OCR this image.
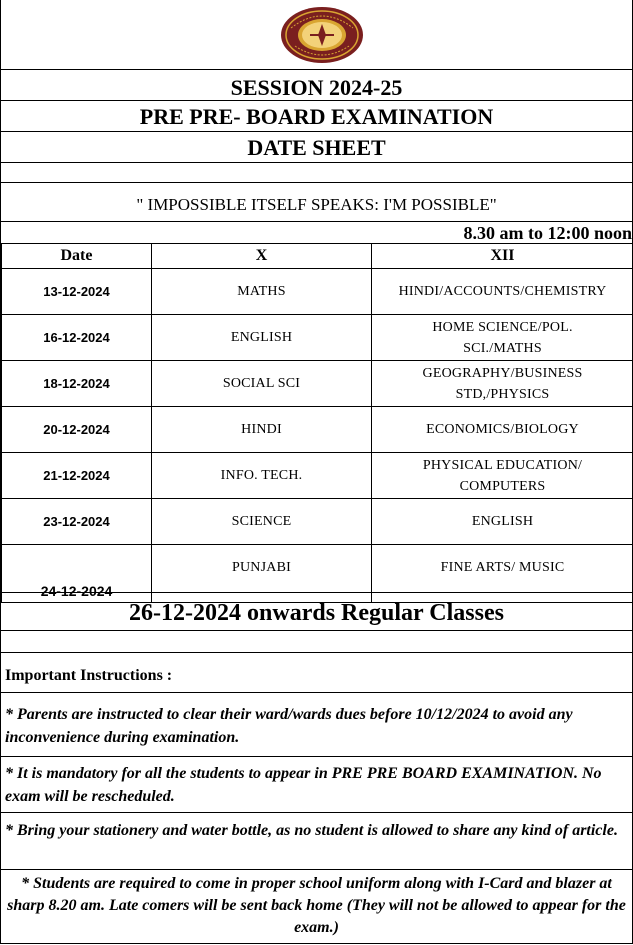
SESSION 2024-25
PRE PRE- BOARD EXAMINATION
DATE SHEET
" IMPOSSIBLE ITSELF SPEAKS: I'M POSSIBLE"
8.30 am to 12:00 noon
Date	X	XII
13-12-2024	MATHS	HINDI/ACCOUNTS/CHEMISTRY
16-12-2024	ENGLISH	HOME SCIENCE/POL.
SCI./MATHS

18-12-2024	SOCIAL SCI	GEOGRAPHY/BUSINESS
STD,/PHYSICS

20-12-2024	HINDI	ECONOMICS/BIOLOGY
21-12-2024	INFO. TECH.	PHYSICAL EDUCATION/
COMPUTERS

23-12-2024	SCIENCE	ENGLISH
24-12-2024	PUNJABI	FINE ARTS/ MUSIC
26-12-2024 onwards Regular Classes
Important Instructions :
* Parents are instructed to clear their ward/wards dues before 10/12/2024 to avoid any inconvenience during examination.
* It is mandatory for all the students to appear in PRE PRE BOARD EXAMINATION. No exam will be rescheduled.
* Bring your stationery and water bottle, as no student is allowed to share any kind of article.
* Students are required to come in proper school uniform along with I-Card and blazer at sharp 8.20 am. Late comers will be sent back home (They will not be allowed to appear for the exam.)
